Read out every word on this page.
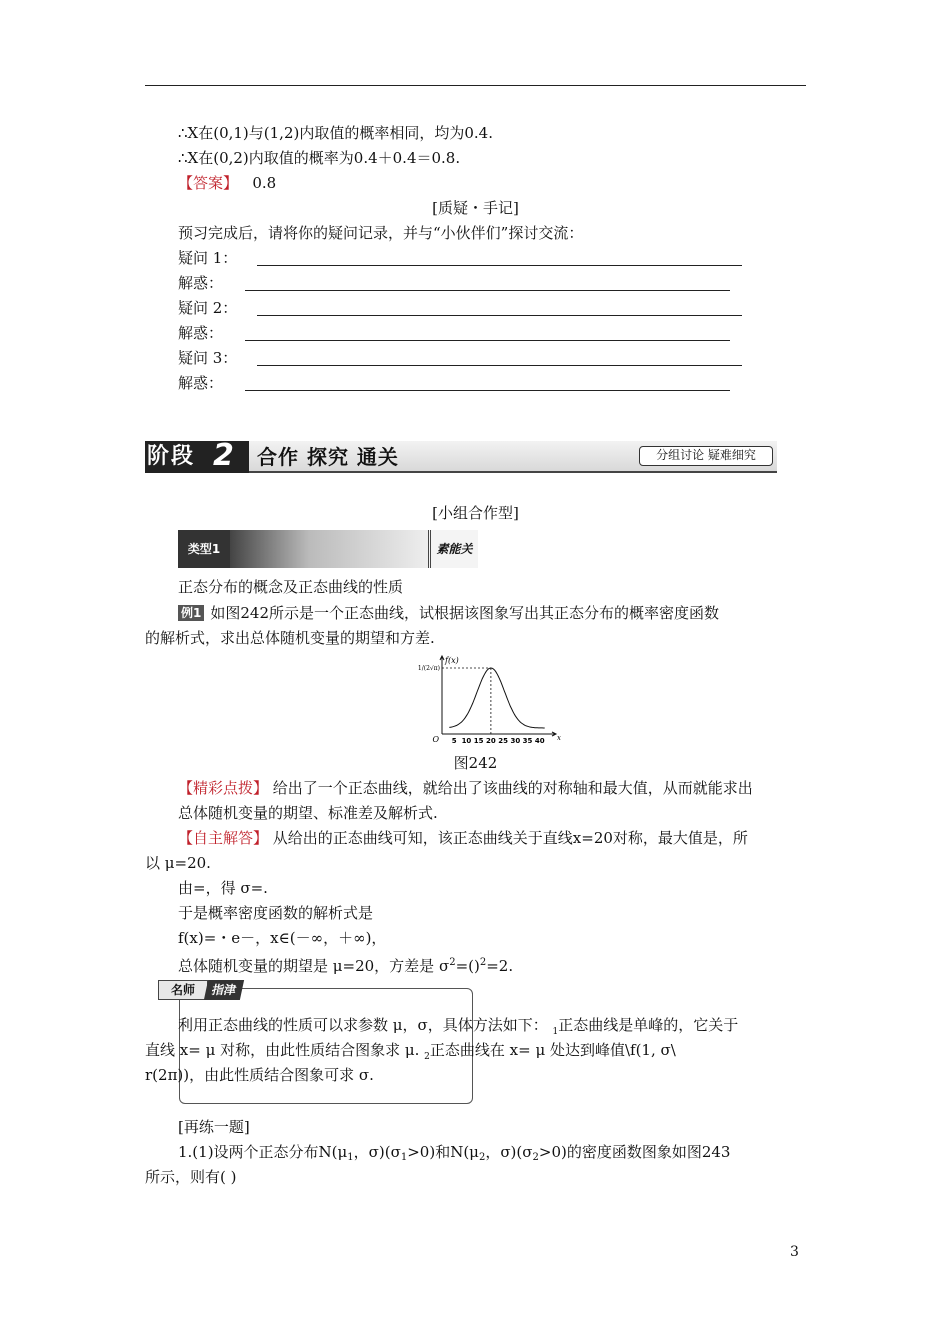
∴X在(0,1)与(1,2)内取值的概率相同，均为0.4.
∴X在(0,2)内取值的概率为0.4＋0.4＝0.8.
【答案】 0.8
[质疑・手记]
预习完成后，请将你的疑问记录，并与“小伙伴们”探讨交流：
疑问 1：
解惑：
疑问 2：
解惑：
疑问 3：
解惑：
阶段 2 合作 探究 通关	分组讨论 疑难细究
[小组合作型]
类型1	素能关
正态分布的概念及正态曲线的性质
例1 如图242所示是一个正态曲线，试根据该图象写出其正态分布的概率密度函数
的解析式，求出总体随机变量的期望和方差.
f(x)
1/(2√π)
O	x
5 10 15 20 25 30 35 40
图242
【精彩点拨】 给出了一个正态曲线，就给出了该曲线的对称轴和最大值，从而就能求出
总体随机变量的期望、标准差及解析式.
【自主解答】 从给出的正态曲线可知，该正态曲线关于直线x=20对称，最大值是，所
以 μ=20.
由=，得 σ=.
于是概率密度函数的解析式是
f(x)=・e－，x∈(－∞，＋∞)，
总体随机变量的期望是 μ=20，方差是 $\sigma^2=()^2=2$.
名师	指津
利用正态曲线的性质可以求参数 μ，σ，具体方法如下： $_1$正态曲线是单峰的，它关于
直线 x= μ 对称，由此性质结合图象求 μ. $_2$正态曲线在 x= μ 处达到峰值\f(1, σ\
r(2π))，由此性质结合图象可求 σ.
[再练一题]
1.(1)设两个正态分布$N(\mu_1$，$\sigma)(\sigma_1>0)$和$N(\mu_2$，$\sigma)(\sigma_2>0)$的密度函数图象如图243
所示，则有( )
3
